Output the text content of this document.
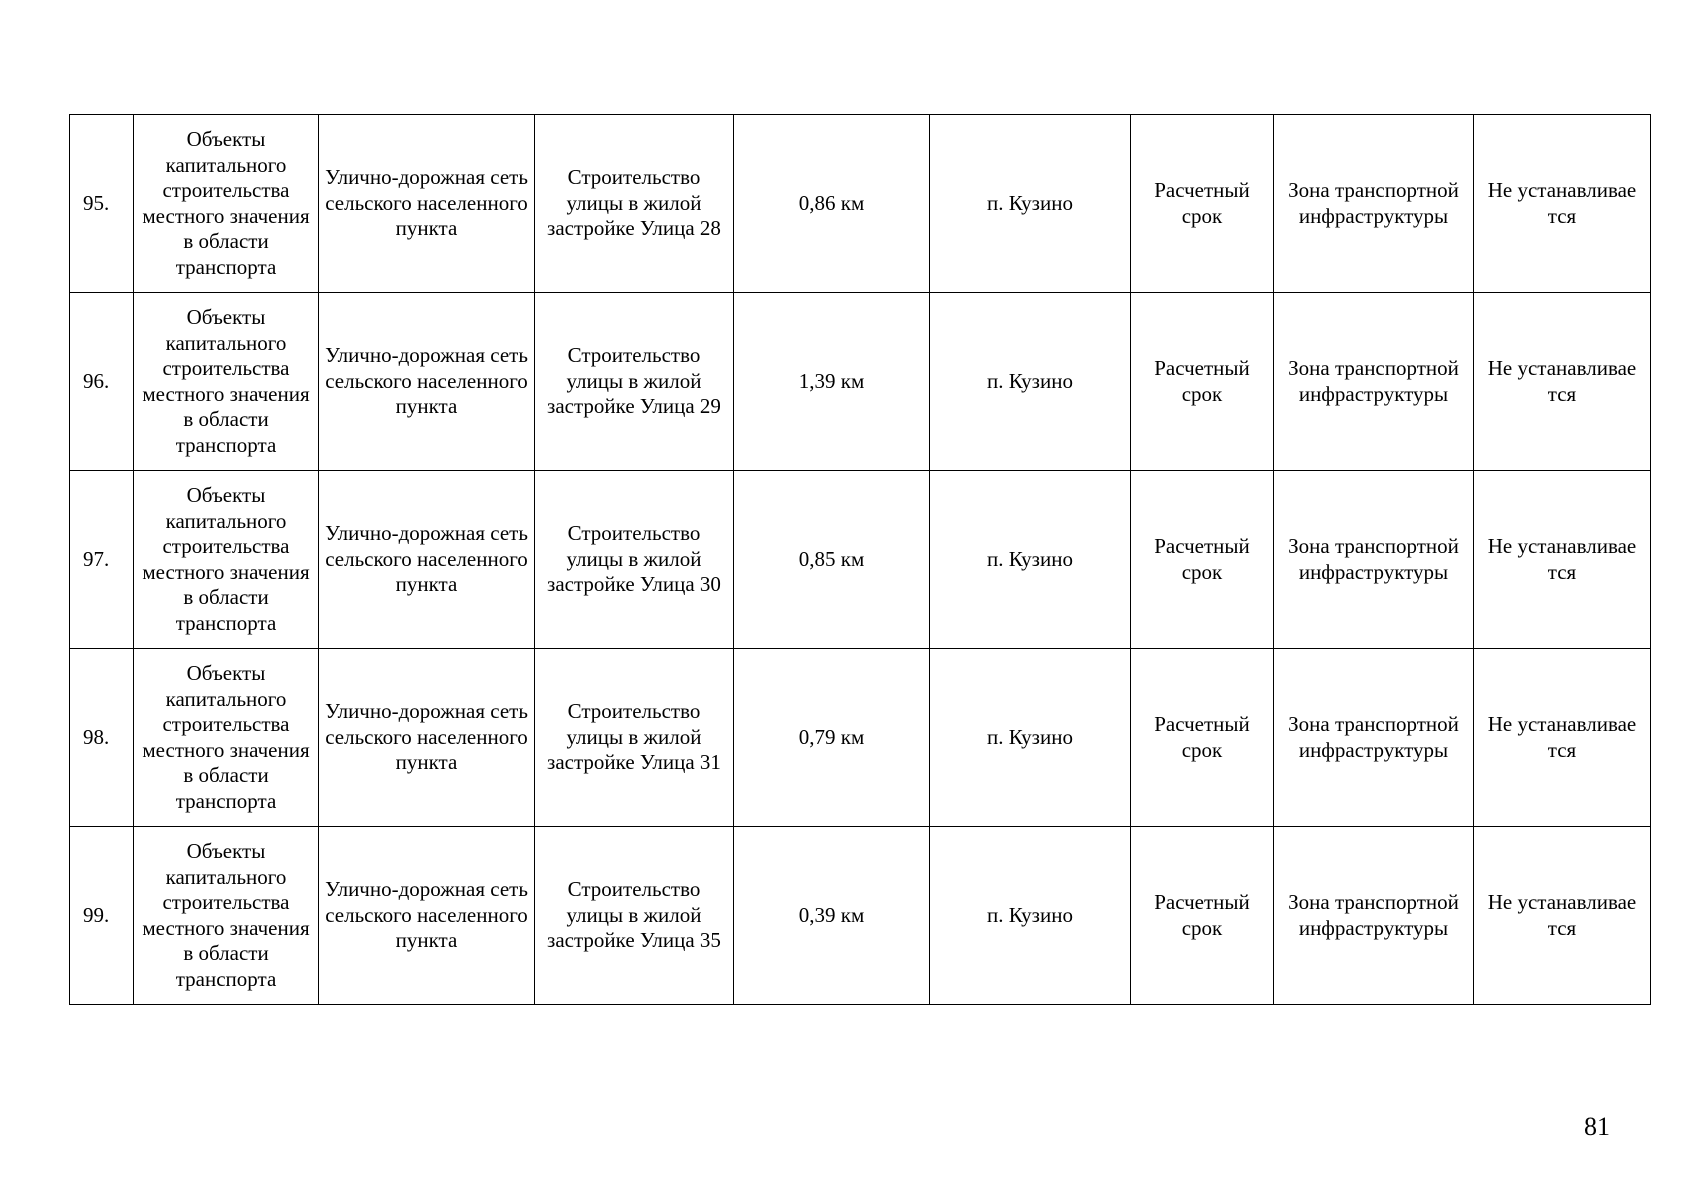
95.	Объекты капитального строительства местного значения в области транспорта	Улично-дорожная сеть сельского населенного пункта	Строительство улицы в жилой застройке Улица 28	0,86 км	п. Кузино	Расчетный срок	Зона транспортной инфраструктуры	Не устанавливается
96.	Объекты капитального строительства местного значения в области транспорта	Улично-дорожная сеть сельского населенного пункта	Строительство улицы в жилой застройке Улица 29	1,39 км	п. Кузино	Расчетный срок	Зона транспортной инфраструктуры	Не устанавливается
97.	Объекты капитального строительства местного значения в области транспорта	Улично-дорожная сеть сельского населенного пункта	Строительство улицы в жилой застройке Улица 30	0,85 км	п. Кузино	Расчетный срок	Зона транспортной инфраструктуры	Не устанавливается
98.	Объекты капитального строительства местного значения в области транспорта	Улично-дорожная сеть сельского населенного пункта	Строительство улицы в жилой застройке Улица 31	0,79 км	п. Кузино	Расчетный срок	Зона транспортной инфраструктуры	Не устанавливается
99.	Объекты капитального строительства местного значения в области транспорта	Улично-дорожная сеть сельского населенного пункта	Строительство улицы в жилой застройке Улица 35	0,39 км	п. Кузино	Расчетный срок	Зона транспортной инфраструктуры	Не устанавливается
81
